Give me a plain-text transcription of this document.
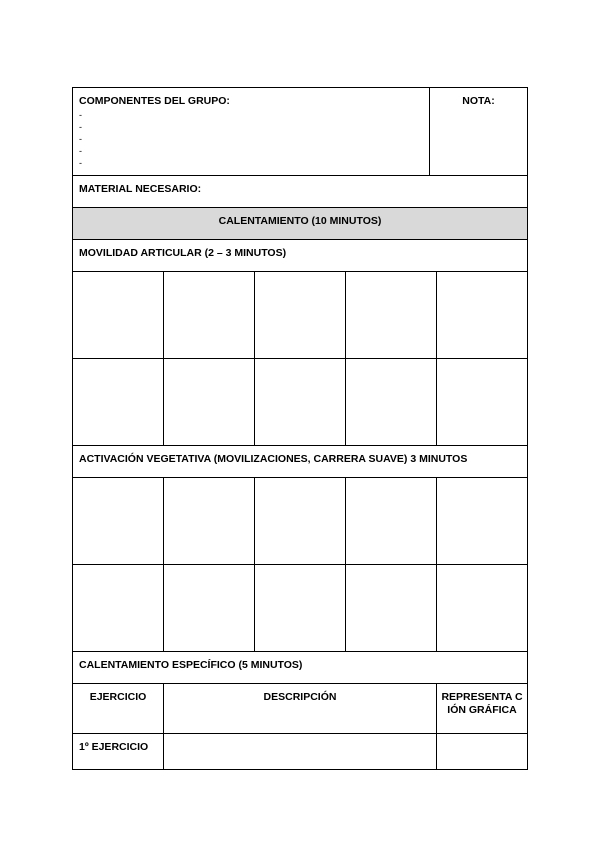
COMPONENTES DEL GRUPO:
-
-
-
-
-
NOTA:
MATERIAL NECESARIO:
CALENTAMIENTO (10 MINUTOS)
MOVILIDAD ARTICULAR (2 – 3 MINUTOS)
ACTIVACIÓN VEGETATIVA (MOVILIZACIONES, CARRERA SUAVE) 3 MINUTOS
CALENTAMIENTO ESPECÍFICO (5 MINUTOS)
EJERCICIO	DESCRIPCIÓN	REPRESENTA CIÓN GRÁFICA
1º EJERCICIO
